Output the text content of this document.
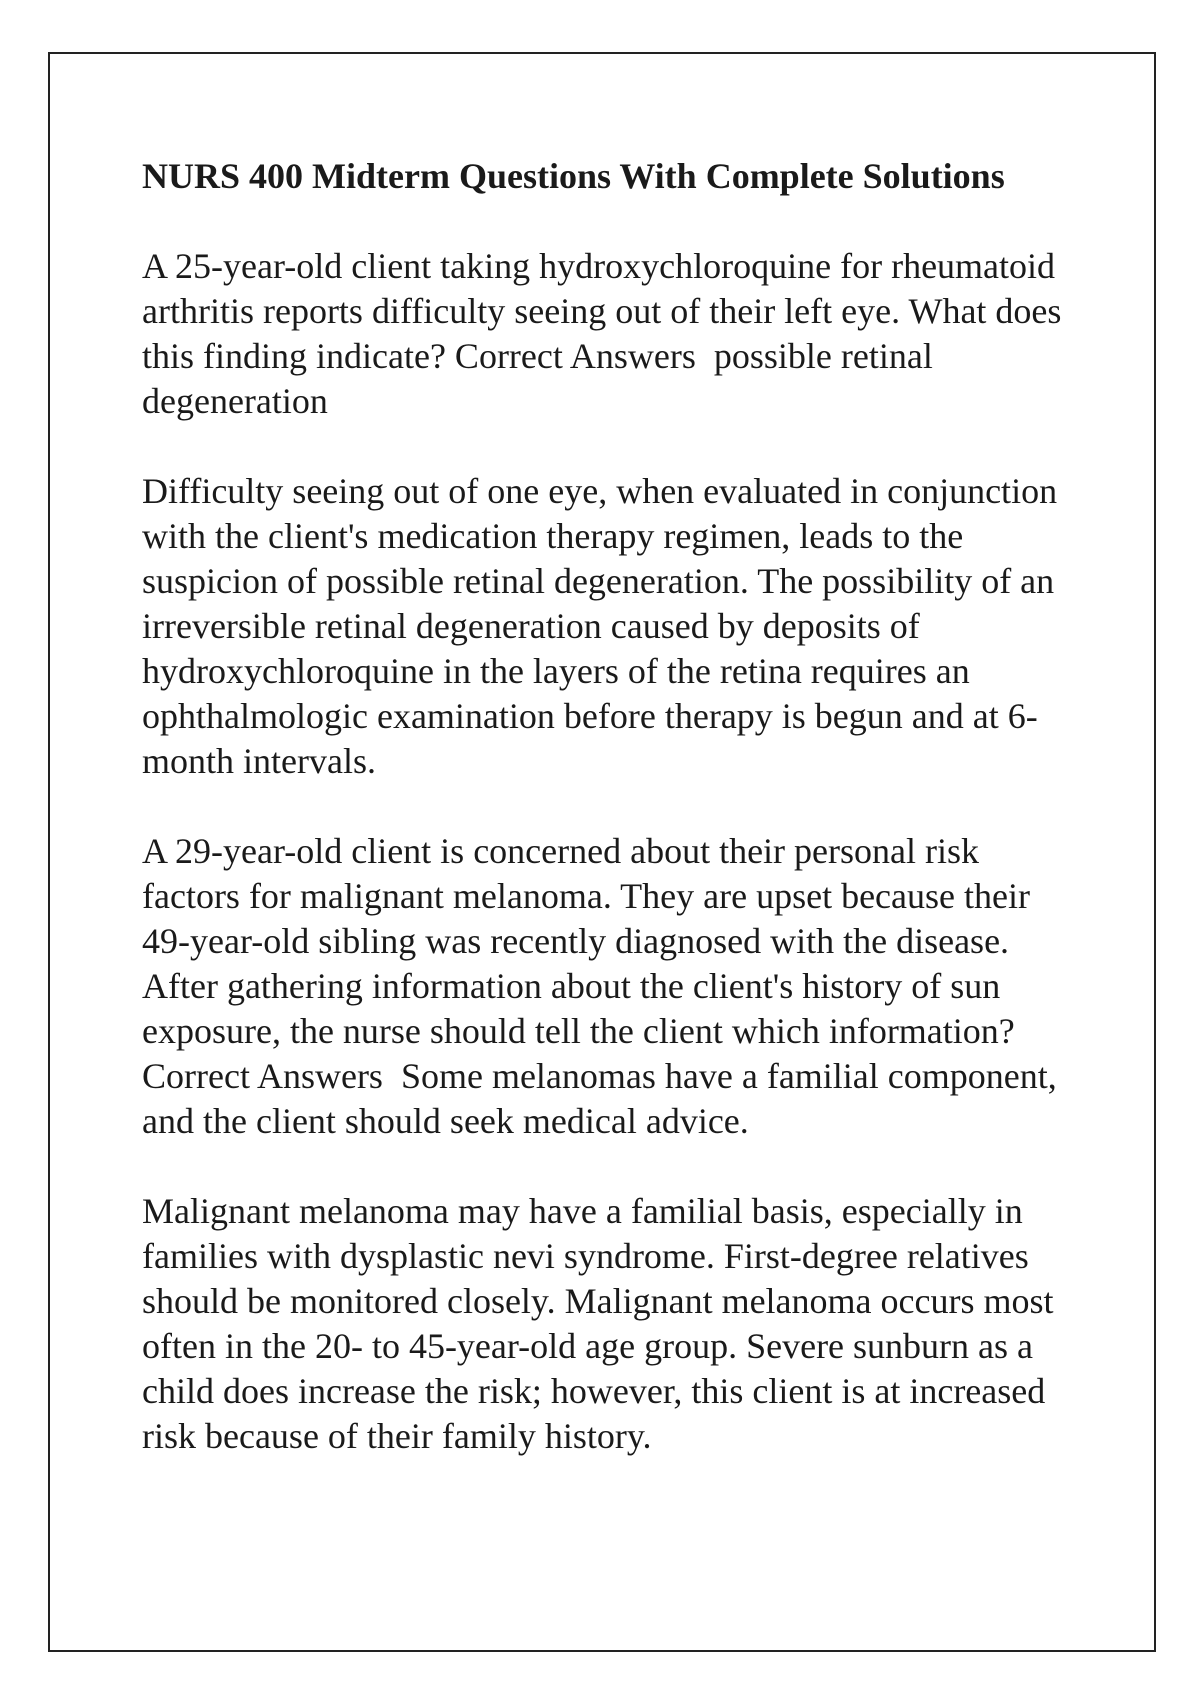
NURS 400 Midterm Questions With Complete Solutions

A 25-year-old client taking hydroxychloroquine for rheumatoid arthritis reports difficulty seeing out of their left eye. What does this finding indicate? Correct Answers  possible retinal degeneration

Difficulty seeing out of one eye, when evaluated in conjunction with the client's medication therapy regimen, leads to the suspicion of possible retinal degeneration. The possibility of an irreversible retinal degeneration caused by deposits of hydroxychloroquine in the layers of the retina requires an ophthalmologic examination before therapy is begun and at 6-month intervals.

A 29-year-old client is concerned about their personal risk factors for malignant melanoma. They are upset because their 49-year-old sibling was recently diagnosed with the disease. After gathering information about the client's history of sun exposure, the nurse should tell the client which information? Correct Answers  Some melanomas have a familial component, and the client should seek medical advice.

Malignant melanoma may have a familial basis, especially in families with dysplastic nevi syndrome. First-degree relatives should be monitored closely. Malignant melanoma occurs most often in the 20- to 45-year-old age group. Severe sunburn as a child does increase the risk; however, this client is at increased risk because of their family history.
